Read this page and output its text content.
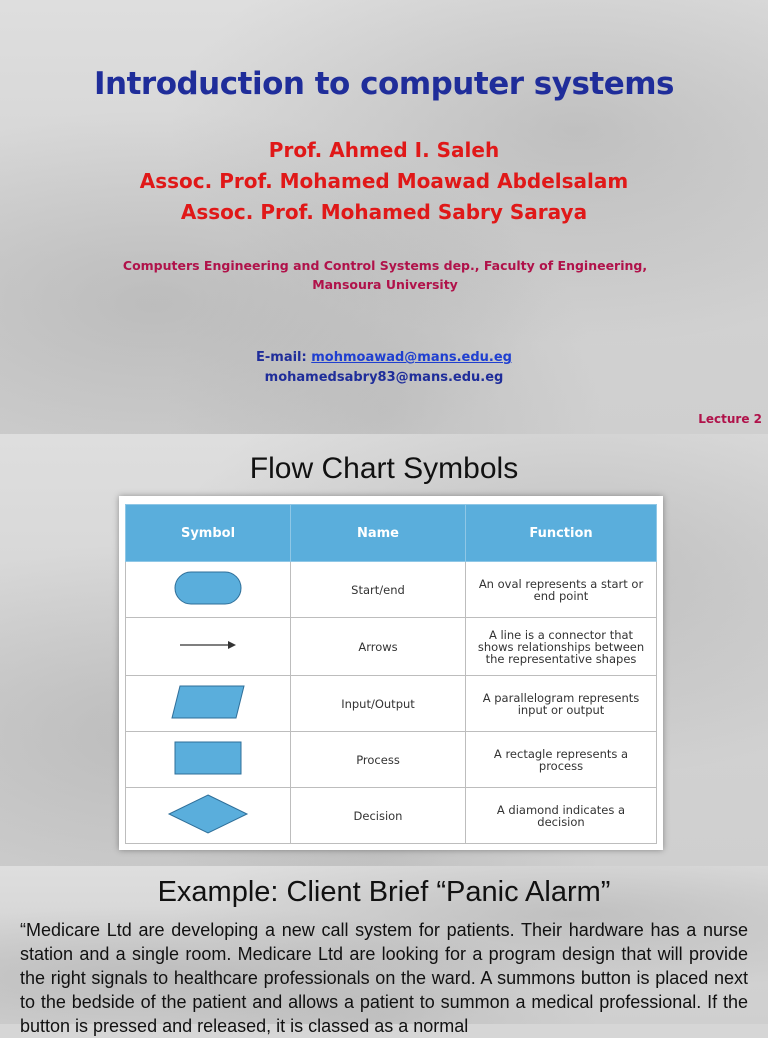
Introduction to computer systems
Prof. Ahmed I. Saleh
Assoc. Prof. Mohamed Moawad Abdelsalam
Assoc. Prof. Mohamed Sabry Saraya
Computers Engineering and Control Systems dep., Faculty of Engineering, Mansoura University
E-mail: mohmoawad@mans.edu.eg
mohamedsabry83@mans.edu.eg
Lecture 2
Flow Chart Symbols
Symbol	Name	Function
	Start/end	An oval represents a start or end point
	Arrows	A line is a connector that shows relationships between the representative shapes
	Input/Output	A parallelogram represents input or output
	Process	A rectagle represents a process
	Decision	A diamond indicates a decision
Example: Client Brief “Panic Alarm”
“Medicare Ltd are developing a new call system for patients. Their hardware has a nurse station and a single room. Medicare Ltd are looking for a program design that will provide the right signals to healthcare professionals on the ward. A summons button is placed next to the bedside of the patient and allows a patient to summon a medical professional. If the button is pressed and released, it is classed as a normal
